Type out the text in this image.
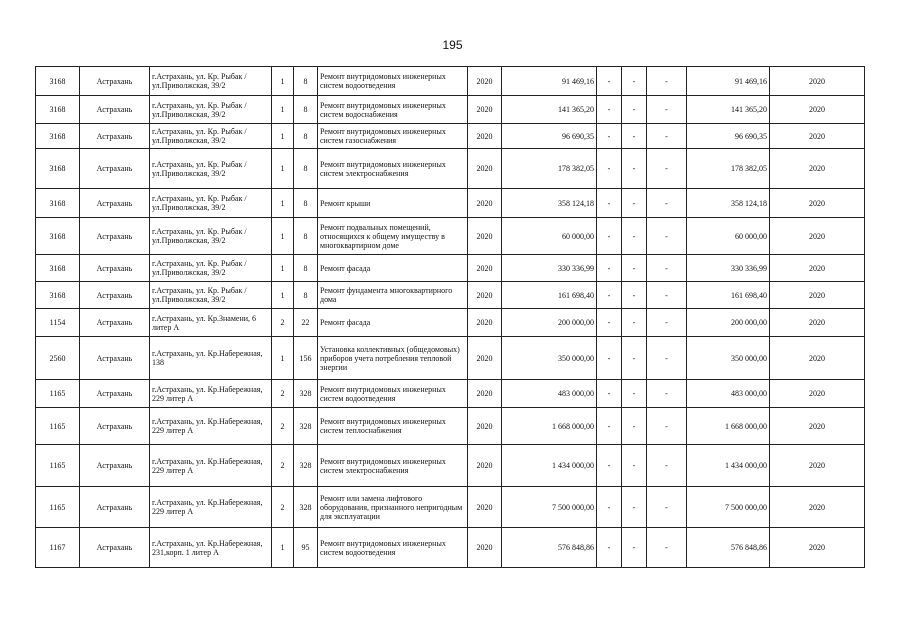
195
3168	Астрахань	г.Астрахань, ул. Кр. Рыбак / ул.Приволжская, 39/2	1	8	Ремонт внутридомовых инженерных систем водоотведения	2020	91 469,16	-	-	-	91 469,16	2020
3168	Астрахань	г.Астрахань, ул. Кр. Рыбак / ул.Приволжская, 39/2	1	8	Ремонт внутридомовых инженерных систем водоснабжения	2020	141 365,20	-	-	-	141 365,20	2020
3168	Астрахань	г.Астрахань, ул. Кр. Рыбак / ул.Приволжская, 39/2	1	8	Ремонт внутридомовых инженерных систем газоснабжения	2020	96 690,35	-	-	-	96 690,35	2020
3168	Астрахань	г.Астрахань, ул. Кр. Рыбак / ул.Приволжская, 39/2	1	8	Ремонт внутридомовых инженерных систем электроснабжения	2020	178 382,05	-	-	-	178 382,05	2020
3168	Астрахань	г.Астрахань, ул. Кр. Рыбак / ул.Приволжская, 39/2	1	8	Ремонт крыши	2020	358 124,18	-	-	-	358 124,18	2020
3168	Астрахань	г.Астрахань, ул. Кр. Рыбак / ул.Приволжская, 39/2	1	8	Ремонт подвальных помещений, относящихся к общему имуществу в многоквартирном доме	2020	60 000,00	-	-	-	60 000,00	2020
3168	Астрахань	г.Астрахань, ул. Кр. Рыбак / ул.Приволжская, 39/2	1	8	Ремонт фасада	2020	330 336,99	-	-	-	330 336,99	2020
3168	Астрахань	г.Астрахань, ул. Кр. Рыбак / ул.Приволжская, 39/2	1	8	Ремонт фундамента многоквартирного дома	2020	161 698,40	-	-	-	161 698,40	2020
1154	Астрахань	г.Астрахань, ул. Кр.Знамени, 6 литер А	2	22	Ремонт фасада	2020	200 000,00	-	-	-	200 000,00	2020
2560	Астрахань	г.Астрахань, ул. Кр.Набережная, 138	1	156	Установка коллективных (общедомовых) приборов учета потребления тепловой энергии	2020	350 000,00	-	-	-	350 000,00	2020
1165	Астрахань	г.Астрахань, ул. Кр.Набережная, 229 литер А	2	328	Ремонт внутридомовых инженерных систем водоотведения	2020	483 000,00	-	-	-	483 000,00	2020
1165	Астрахань	г.Астрахань, ул. Кр.Набережная, 229 литер А	2	328	Ремонт внутридомовых инженерных систем теплоснабжения	2020	1 668 000,00	-	-	-	1 668 000,00	2020
1165	Астрахань	г.Астрахань, ул. Кр.Набережная, 229 литер А	2	328	Ремонт внутридомовых инженерных систем электроснабжения	2020	1 434 000,00	-	-	-	1 434 000,00	2020
1165	Астрахань	г.Астрахань, ул. Кр.Набережная, 229 литер А	2	328	Ремонт или замена лифтового оборудования, признанного непригодным для эксплуатации	2020	7 500 000,00	-	-	-	7 500 000,00	2020
1167	Астрахань	г.Астрахань, ул. Кр.Набережная, 231,корп. 1 литер А	1	95	Ремонт внутридомовых инженерных систем водоотведения	2020	576 848,86	-	-	-	576 848,86	2020
